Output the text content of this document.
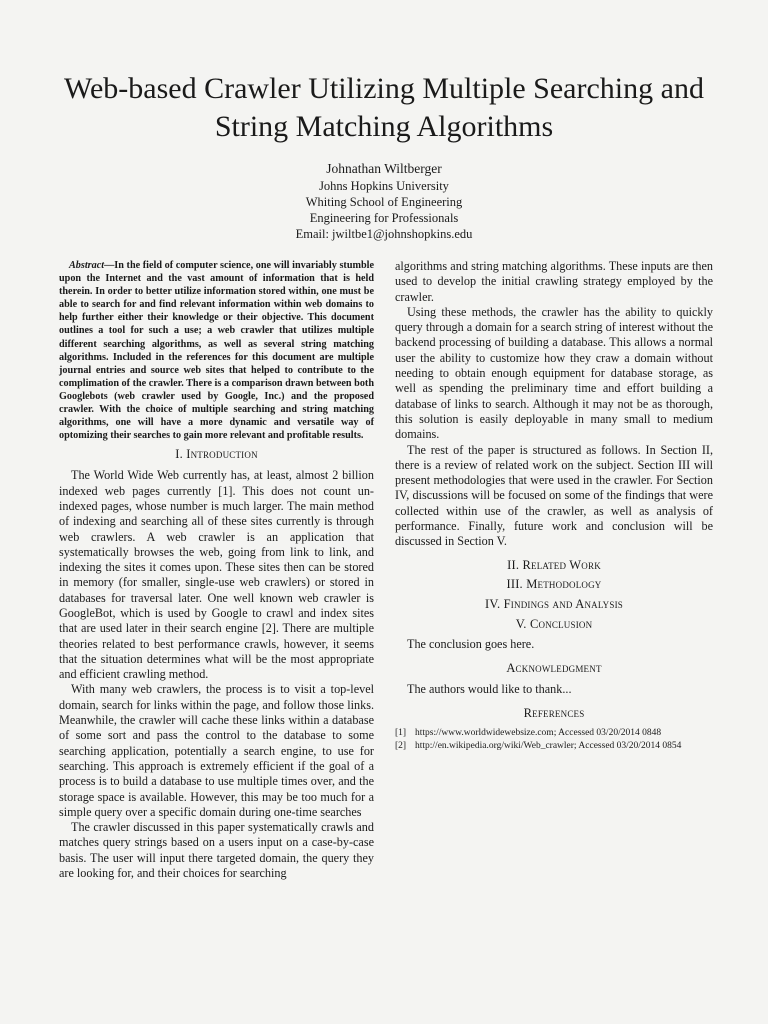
Web-based Crawler Utilizing Multiple Searching and
String Matching Algorithms
Johnathan Wiltberger
Johns Hopkins University
Whiting School of Engineering
Engineering for Professionals
Email: jwiltbe1@johnshopkins.edu

Abstract—In the field of computer science, one will invariably stumble upon the Internet and the vast amount of information that is held therein. In order to better utilize information stored within, one must be able to search for and find relevant information within web domains to help further either their knowledge or their objective. This document outlines a tool for such a use; a web crawler that utilizes multiple different searching algorithms, as well as several string matching algorithms. Included in the references for this document are multiple journal entries and source web sites that helped to contribute to the complimation of the crawler. There is a comparison drawn between both Googlebots (web crawler used by Google, Inc.) and the proposed crawler. With the choice of multiple searching and string matching algorithms, one will have a more dynamic and versatile way of optomizing their searches to gain more relevant and profitable results.

I. Introduction

The World Wide Web currently has, at least, almost 2 billion indexed web pages currently [1]. This does not count un-indexed pages, whose number is much larger. The main method of indexing and searching all of these sites currently is through web crawlers. A web crawler is an application that systematically browses the web, going from link to link, and indexing the sites it comes upon. These sites then can be stored in memory (for smaller, single-use web crawlers) or stored in databases for traversal later. One well known web crawler is GoogleBot, which is used by Google to crawl and index sites that are used later in their search engine [2]. There are multiple theories related to best performance crawls, however, it seems that the situation determines what will be the most appropriate and efficient crawling method.

With many web crawlers, the process is to visit a top-level domain, search for links within the page, and follow those links. Meanwhile, the crawler will cache these links within a database of some sort and pass the control to the database to some searching application, potentially a search engine, to use for searching. This approach is extremely efficient if the goal of a process is to build a database to use multiple times over, and the storage space is available. However, this may be too much for a simple query over a specific domain during one-time searches

The crawler discussed in this paper systematically crawls and matches query strings based on a users input on a case-by-case basis. The user will input there targeted domain, the query they are looking for, and their choices for searching

algorithms and string matching algorithms. These inputs are then used to develop the initial crawling strategy employed by the crawler.

Using these methods, the crawler has the ability to quickly query through a domain for a search string of interest without the backend processing of building a database. This allows a normal user the ability to customize how they craw a domain without needing to obtain enough equipment for database storage, as well as spending the preliminary time and effort building a database of links to search. Although it may not be as thorough, this solution is easily deployable in many small to medium domains.

The rest of the paper is structured as follows. In Section II, there is a review of related work on the subject. Section III will present methodologies that were used in the crawler. For Section IV, discussions will be focused on some of the findings that were collected within use of the crawler, as well as analysis of performance. Finally, future work and conclusion will be discussed in Section V.

II. Related Work
III. Methodology
IV. Findings and Analysis
V. Conclusion

The conclusion goes here.

Acknowledgment

The authors would like to thank...

References
[1] https://www.worldwidewebsize.com; Accessed 03/20/2014 0848
[2] http://en.wikipedia.org/wiki/Web_crawler; Accessed 03/20/2014 0854
